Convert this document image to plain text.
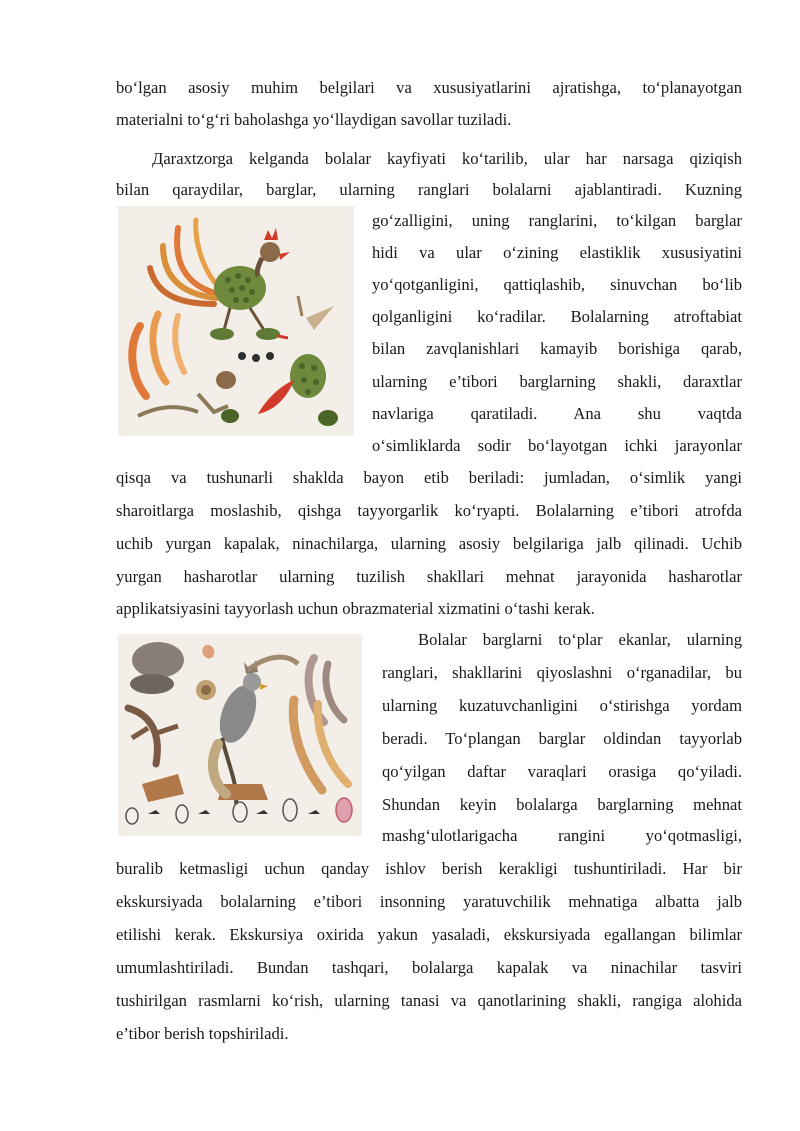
bo‘lgan asosiy muhim belgilari va xususiyatlarini ajratishga, to‘planayotgan
materialni to‘g‘ri baholashga yo‘llaydigan savollar tuziladi.
Дaraxtzorga kelganda bolalar kayfiyati ko‘tarilib, ular har narsaga qiziqish
bilan qaraydilar, barglar, ularning ranglari bolalarni ajablantiradi. Kuzning
go‘zalligini, uning ranglarini, to‘kilgan barglar
hidi va ular o‘zining elastiklik xususiyatini
yo‘qotganligini, qattiqlashib, sinuvchan bo‘lib
qolganligini ko‘radilar. Bolalarning atroftabiat
bilan zavqlanishlari kamayib borishiga qarab,
ularning e’tibori barglarning shakli, daraxtlar
navlariga qaratiladi. Ana shu vaqtda
o‘simliklarda sodir bo‘layotgan ichki jarayonlar
qisqa va tushunarli shaklda bayon etib beriladi: jumladan, o‘simlik yangi
sharoitlarga moslashib, qishga tayyorgarlik ko‘ryapti. Bolalarning e’tibori atrofda
uchib yurgan kapalak, ninachilarga, ularning asosiy belgilariga jalb qilinadi. Uchib
yurgan hasharotlar ularning tuzilish shakllari mehnat jarayonida hasharotlar
applikatsiyasini tayyorlash uchun obrazmaterial xizmatini o‘tashi kerak.
Bolalar barglarni to‘plar ekanlar, ularning
ranglari, shakllarini qiyoslashni o‘rganadilar, bu
ularning kuzatuvchanligini o‘stirishga yordam
beradi. To‘plangan barglar oldindan tayyorlab
qo‘yilgan daftar varaqlari orasiga qo‘yiladi.
Shundan keyin bolalarga barglarning mehnat
mashg‘ulotlarigacha rangini yo‘qotmasligi,
buralib ketmasligi uchun qanday ishlov berish kerakligi tushuntiriladi. Har bir
ekskursiyada bolalarning e’tibori insonning yaratuvchilik mehnatiga albatta jalb
etilishi kerak. Ekskursiya oxirida yakun yasaladi, ekskursiyada egallangan bilimlar
umumlashtiriladi. Bundan tashqari, bolalarga kapalak va ninachilar tasviri
tushirilgan rasmlarni ko‘rish, ularning tanasi va qanotlarining shakli, rangiga alohida
e’tibor berish topshiriladi.
